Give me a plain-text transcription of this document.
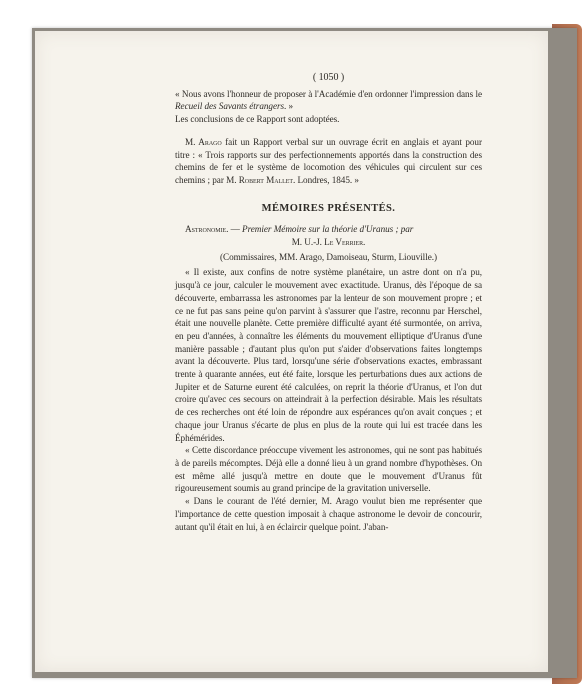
( 1050 )

« Nous avons l'honneur de proposer à l'Académie d'en ordonner l'impression dans le Recueil des Savants étrangers. »

Les conclusions de ce Rapport sont adoptées.

M. Arago fait un Rapport verbal sur un ouvrage écrit en anglais et ayant pour titre : « Trois rapports sur des perfectionnements apportés dans la construction des chemins de fer et le système de locomotion des véhicules qui circulent sur ces chemins ; par M. Robert Mallet. Londres, 1845. »

MÉMOIRES PRÉSENTÉS.

Astronomie. — Premier Mémoire sur la théorie d'Uranus ; par

M. U.-J. Le Verrier.

(Commissaires, MM. Arago, Damoiseau, Sturm, Liouville.)

« Il existe, aux confins de notre système planétaire, un astre dont on n'a pu, jusqu'à ce jour, calculer le mouvement avec exactitude. Uranus, dès l'époque de sa découverte, embarrassa les astronomes par la lenteur de son mouvement propre ; et ce ne fut pas sans peine qu'on parvint à s'assurer que l'astre, reconnu par Herschel, était une nouvelle planète. Cette première difficulté ayant été surmontée, on arriva, en peu d'années, à connaître les éléments du mouvement elliptique d'Uranus d'une manière passable ; d'autant plus qu'on put s'aider d'observations faites longtemps avant la découverte. Plus tard, lorsqu'une série d'observations exactes, embrassant trente à quarante années, eut été faite, lorsque les perturbations dues aux actions de Jupiter et de Saturne eurent été calculées, on reprit la théorie d'Uranus, et l'on dut croire qu'avec ces secours on atteindrait à la perfection désirable. Mais les résultats de ces recherches ont été loin de répondre aux espérances qu'on avait conçues ; et chaque jour Uranus s'écarte de plus en plus de la route qui lui est tracée dans les Éphémérides.

« Cette discordance préoccupe vivement les astronomes, qui ne sont pas habitués à de pareils mécomptes. Déjà elle a donné lieu à un grand nombre d'hypothèses. On est même allé jusqu'à mettre en doute que le mouvement d'Uranus fût rigoureusement soumis au grand principe de la gravitation universelle.

« Dans le courant de l'été dernier, M. Arago voulut bien me représenter que l'importance de cette question imposait à chaque astronome le devoir de concourir, autant qu'il était en lui, à en éclaircir quelque point. J'aban-
